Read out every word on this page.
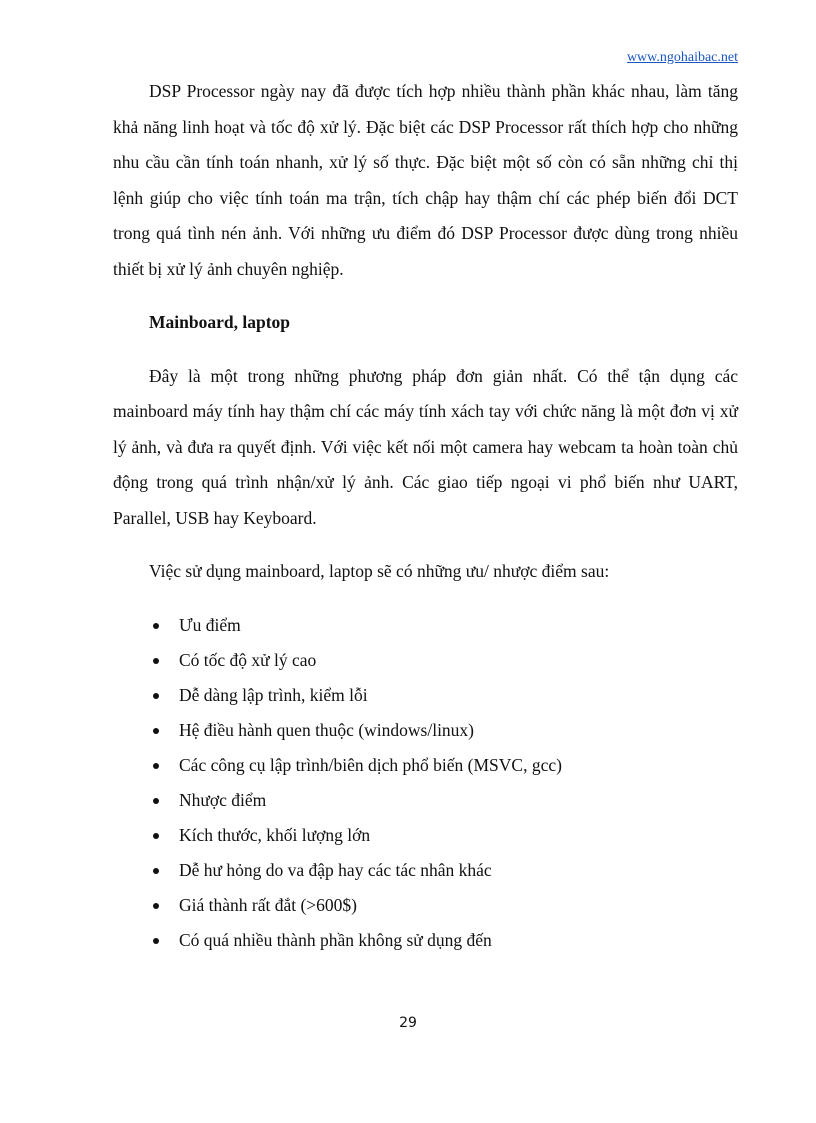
www.ngohaibac.net

DSP Processor ngày nay đã được tích hợp nhiều thành phần khác nhau, làm tăng khả năng linh hoạt và tốc độ xử lý. Đặc biệt các DSP Processor rất thích hợp cho những nhu cầu cần tính toán nhanh, xử lý số thực. Đặc biệt một số còn có sẵn những chỉ thị lệnh giúp cho việc tính toán ma trận, tích chập hay thậm chí các phép biến đổi DCT trong quá tình nén ảnh. Với những ưu điểm đó DSP Processor được dùng trong nhiều thiết bị xử lý ảnh chuyên nghiệp.

Mainboard, laptop

Đây là một trong những phương pháp đơn giản nhất. Có thể tận dụng các mainboard máy tính hay thậm chí các máy tính xách tay với chức năng là một đơn vị xử lý ảnh, và đưa ra quyết định. Với việc kết nối một camera hay webcam ta hoàn toàn chủ động trong quá trình nhận/xử lý ảnh. Các giao tiếp ngoại vi phổ biến như UART, Parallel, USB hay Keyboard.

Việc sử dụng mainboard, laptop sẽ có những ưu/ nhược điểm sau:

Ưu điểm
Có tốc độ xử lý cao
Dễ dàng lập trình, kiểm lỗi
Hệ điều hành quen thuộc (windows/linux)
Các công cụ lập trình/biên dịch phổ biến (MSVC, gcc)
Nhược điểm
Kích thước, khối lượng lớn
Dễ hư hỏng do va đập hay các tác nhân khác
Giá thành rất đắt (>600$)
Có quá nhiều thành phần không sử dụng đến
29
